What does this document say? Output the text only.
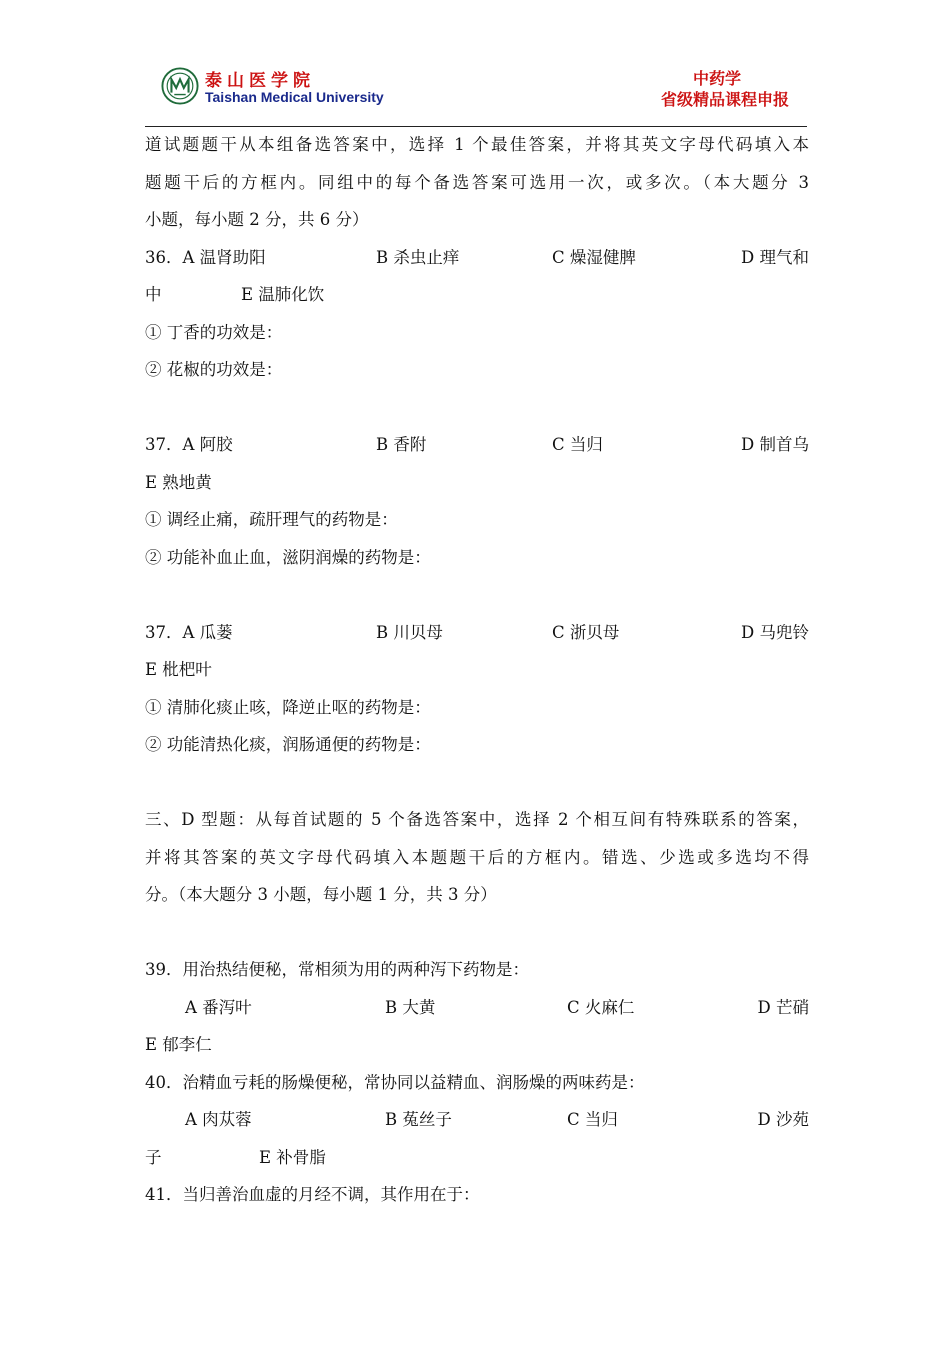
泰山医学院
Taishan Medical University
中药学
省级精品课程申报
道试题题干从本组备选答案中，选择 1 个最佳答案，并将其英文字母代码填入本
题题干后的方框内。同组中的每个备选答案可选用一次，或多次。（本大题分 3
小题，每小题 2 分，共 6 分）
36．A 温肾助阳	B 杀虫止痒	C 燥湿健脾	D 理气和
中	E 温肺化饮
① 丁香的功效是：
② 花椒的功效是：
37．A 阿胶	B 香附	C 当归	D 制首乌
E 熟地黄
① 调经止痛，疏肝理气的药物是：
② 功能补血止血，滋阴润燥的药物是：
37．A 瓜蒌	B 川贝母	C 浙贝母	D 马兜铃
E 枇杷叶
① 清肺化痰止咳，降逆止呕的药物是：
② 功能清热化痰，润肠通便的药物是：
三、D 型题：从每首试题的 5 个备选答案中，选择 2 个相互间有特殊联系的答案，
并将其答案的英文字母代码填入本题题干后的方框内。错选、少选或多选均不得
分。（本大题分 3 小题，每小题 1 分，共 3 分）
39．用治热结便秘，常相须为用的两种泻下药物是：
A 番泻叶	B 大黄	C 火麻仁	D 芒硝
E 郁李仁
40．治精血亏耗的肠燥便秘，常协同以益精血、润肠燥的两味药是：
A 肉苁蓉	B 菟丝子	C 当归	D 沙苑
子	E 补骨脂
41．当归善治血虚的月经不调，其作用在于：
